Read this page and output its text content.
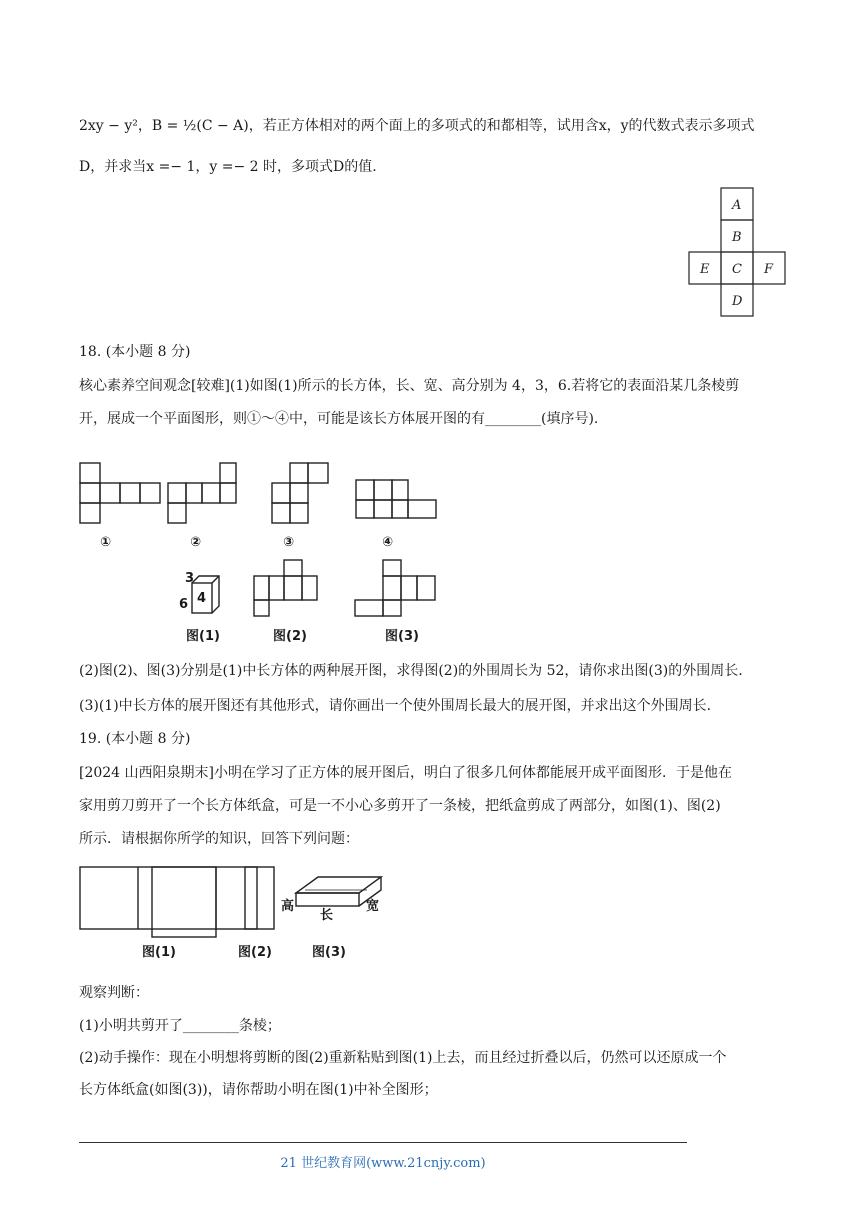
2xy − y²，B = ½(C − A)，若正方体相对的两个面上的多项式的和都相等，试用含x，y的代数式表示多项式
D，并求当x =− 1，y =− 2 时，多项式D的值.
A
B
E C F
D
18. (本小题 8 分)
核心素养空间观念[较难](1)如图(1)所示的长方体，长、宽、高分别为 4，3，6.若将它的表面沿某几条棱剪
开，展成一个平面图形，则①～④中，可能是该长方体展开图的有________(填序号).
①	②	③	④
3
6 4
图(1)	图(2)	图(3)
(2)图(2)、图(3)分别是(1)中长方体的两种展开图，求得图(2)的外围周长为 52，请你求出图(3)的外围周长.
(3)(1)中长方体的展开图还有其他形式，请你画出一个使外围周长最大的展开图，并求出这个外围周长.
19. (本小题 8 分)
[2024 山西阳泉期末]小明在学习了正方体的展开图后，明白了很多几何体都能展开成平面图形．于是他在
家用剪刀剪开了一个长方体纸盒，可是一不小心多剪开了一条棱，把纸盒剪成了两部分，如图(1)、图(2)
所示．请根据你所学的知识，回答下列问题：
高
长
宽
图(1)	图(2)	图(3)
观察判断：
(1)小明共剪开了________条棱；
(2)动手操作：现在小明想将剪断的图(2)重新粘贴到图(1)上去，而且经过折叠以后，仍然可以还原成一个
长方体纸盒(如图(3))，请你帮助小明在图(1)中补全图形；
21 世纪教育网(www.21cnjy.com)
